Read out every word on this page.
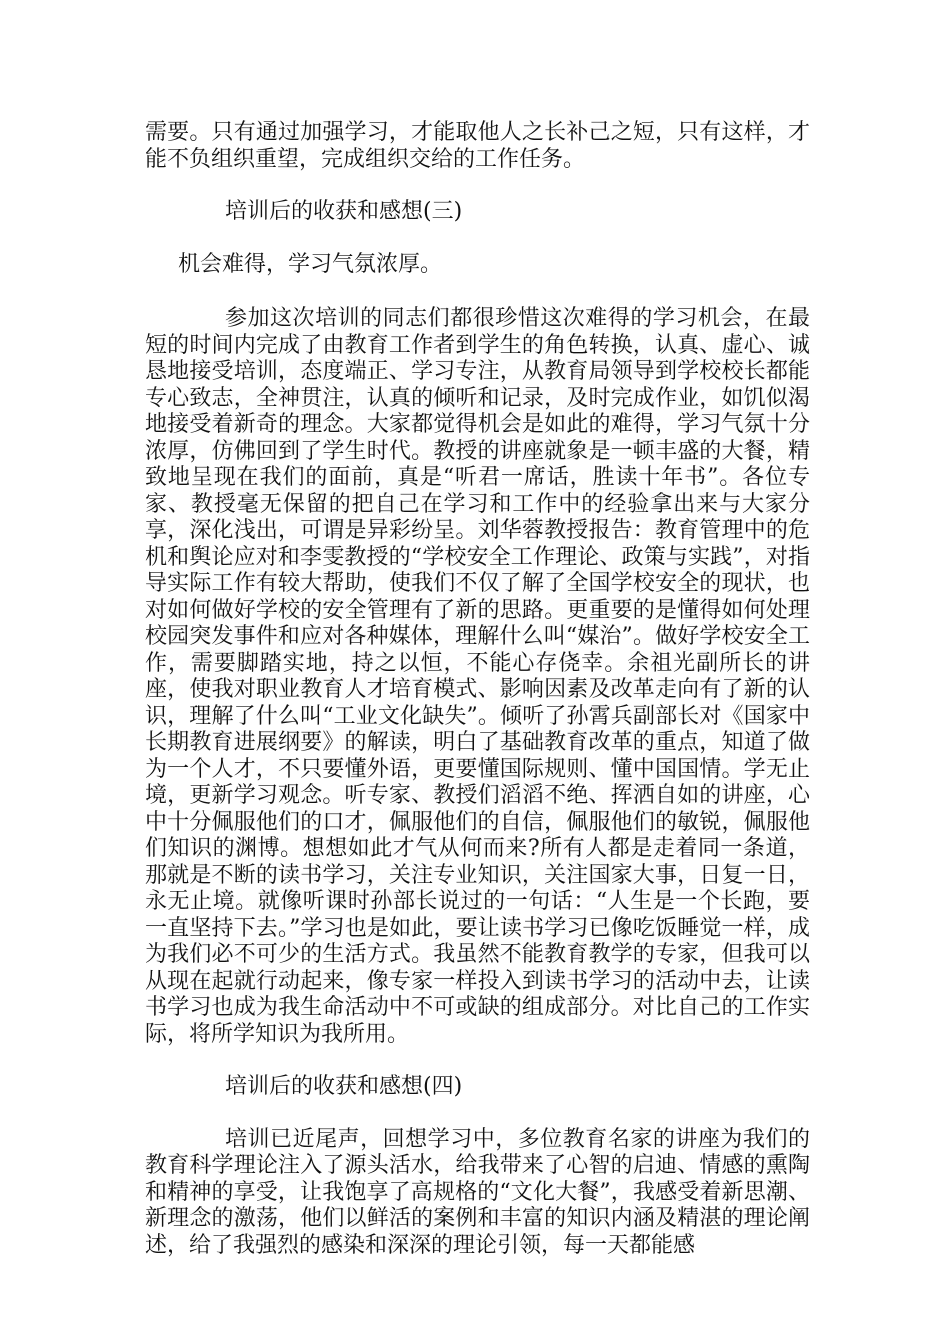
需要。只有通过加强学习，才能取他人之长补己之短，只有这样，才能不负组织重望，完成组织交给的工作任务。

培训后的收获和感想(三)

机会难得，学习气氛浓厚。

参加这次培训的同志们都很珍惜这次难得的学习机会，在最短的时间内完成了由教育工作者到学生的角色转换，认真、虚心、诚恳地接受培训，态度端正、学习专注，从教育局领导到学校校长都能专心致志，全神贯注，认真的倾听和记录，及时完成作业，如饥似渴地接受着新奇的理念。大家都觉得机会是如此的难得，学习气氛十分浓厚，仿佛回到了学生时代。教授的讲座就象是一顿丰盛的大餐，精致地呈现在我们的面前，真是“听君一席话，胜读十年书”。各位专家、教授毫无保留的把自己在学习和工作中的经验拿出来与大家分享，深化浅出，可谓是异彩纷呈。刘华蓉教授报告：教育管理中的危机和舆论应对和李雯教授的“学校安全工作理论、政策与实践”，对指导实际工作有较大帮助，使我们不仅了解了全国学校安全的现状，也对如何做好学校的安全管理有了新的思路。更重要的是懂得如何处理校园突发事件和应对各种媒体，理解什么叫“媒治”。做好学校安全工作，需要脚踏实地，持之以恒，不能心存侥幸。余祖光副所长的讲座，使我对职业教育人才培育模式、影响因素及改革走向有了新的认识，理解了什么叫“工业文化缺失”。倾听了孙霄兵副部长对《国家中长期教育进展纲要》的解读，明白了基础教育改革的重点，知道了做为一个人才，不只要懂外语，更要懂国际规则、懂中国国情。学无止境，更新学习观念。听专家、教授们滔滔不绝、挥洒自如的讲座，心中十分佩服他们的口才，佩服他们的自信，佩服他们的敏锐，佩服他们知识的渊博。想想如此才气从何而来?所有人都是走着同一条道，那就是不断的读书学习，关注专业知识，关注国家大事，日复一日，永无止境。就像听课时孙部长说过的一句话：“人生是一个长跑，要一直坚持下去。”学习也是如此，要让读书学习已像吃饭睡觉一样，成为我们必不可少的生活方式。我虽然不能教育教学的专家，但我可以从现在起就行动起来，像专家一样投入到读书学习的活动中去，让读书学习也成为我生命活动中不可或缺的组成部分。对比自己的工作实际，将所学知识为我所用。

培训后的收获和感想(四)

培训已近尾声，回想学习中，多位教育名家的讲座为我们的教育科学理论注入了源头活水，给我带来了心智的启迪、情感的熏陶和精神的享受，让我饱享了高规格的“文化大餐”，我感受着新思潮、新理念的激荡，他们以鲜活的案例和丰富的知识内涵及精湛的理论阐述，给了我强烈的感染和深深的理论引领，每一天都能感
